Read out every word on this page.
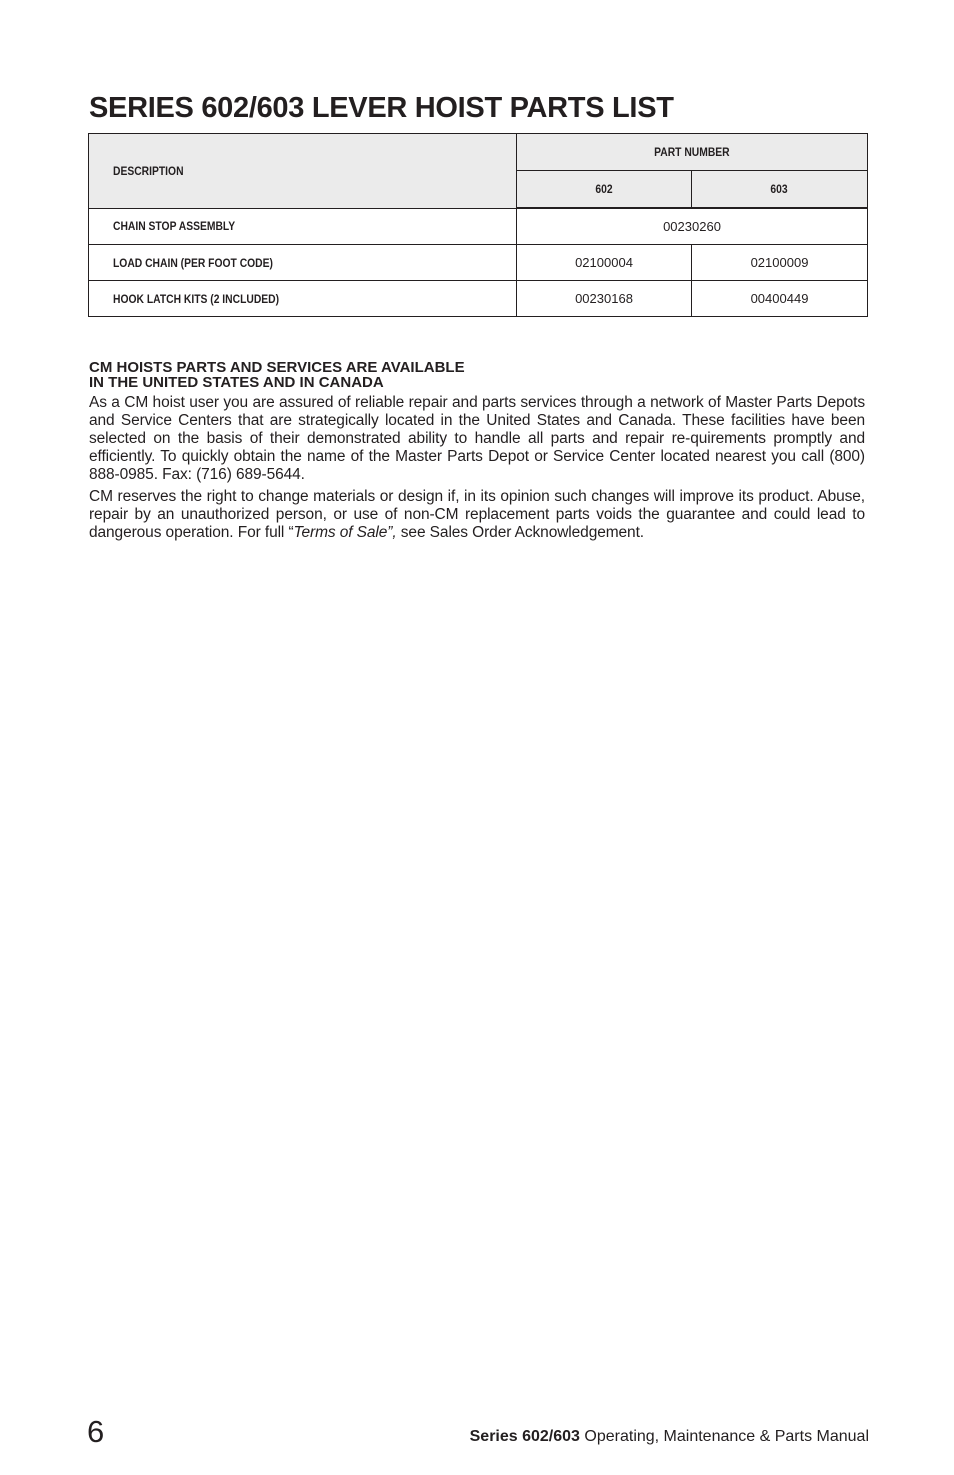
SERIES 602/603 LEVER HOIST PARTS LIST
DESCRIPTION	PART NUMBER	
	602	603
CHAIN STOP ASSEMBLY	00230260	
LOAD CHAIN (PER FOOT CODE)	02100004	02100009
HOOK LATCH KITS (2 INCLUDED)	00230168	00400449
CM HOISTS PARTS AND SERVICES ARE AVAILABLE
IN THE UNITED STATES AND IN CANADA

As a CM hoist user you are assured of reliable repair and parts services through a network of Master Parts Depots and Service Centers that are strategically located in the United States and Canada. These facilities have been selected on the basis of their demonstrated ability to handle all parts and repair re-quirements promptly and efficiently. To quickly obtain the name of the Master Parts Depot or Service Center located nearest you call (800) 888-0985. Fax: (716) 689-5644.

CM reserves the right to change materials or design if, in its opinion such changes will improve its product. Abuse, repair by an unauthorized person, or use of non-CM replacement parts voids the guarantee and could lead to dangerous operation. For full “Terms of Sale”, see Sales Order Acknowledgement.

6	Series 602/603 Operating, Maintenance & Parts Manual
